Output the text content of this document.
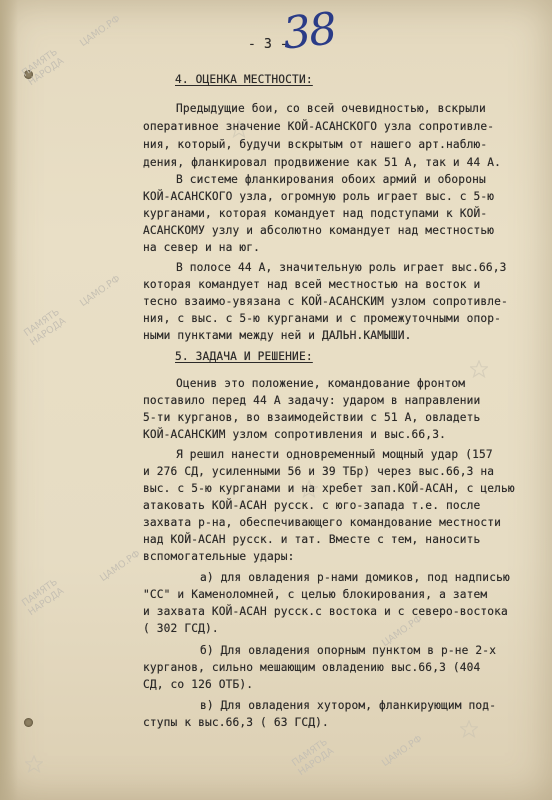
ПАМЯТЬ
НАРОДА
ЦАМО.РФ
ПАМЯТЬ
НАРОДА
ЦАМО.РФ
ПАМЯТЬ
НАРОДА
ЦАМО.РФ
ПАМЯТЬ
НАРОДА
ЦАМО.РФ
ЦАМО.РФ
- 3 -
38
4. ОЦЕНКА МЕСТНОСТИ:
Предыдущие бои, со всей очевидностью, вскрыли
оперативное значение КОЙ-АСАНСКОГО узла сопротивле-
ния, который, будучи вскрытым от нашего арт.наблю-
дения, фланкировал продвижение как 51 А, так и 44 А.
В системе фланкирования обоих армий и обороны
КОЙ-АСАНСКОГО узла, огромную роль играет выс. с 5-ю
курганами, которая командует над подступами к КОЙ-
АСАНСКОМУ узлу и абсолютно командует над местностью
на север и на юг.
В полосе 44 А, значительную роль играет выс.66,3
которая командует над всей местностью на восток и
тесно взаимо-увязана с КОЙ-АСАНСКИМ узлом сопротивле-
ния, с выс. с 5-ю курганами и с промежуточными опор-
ными пунктами между ней и ДАЛЬН.КАМЫШИ.
5. ЗАДАЧА И РЕШЕНИЕ:
Оценив это положение, командование фронтом
поставило перед 44 А задачу: ударом в направлении
5-ти курганов, во взаимодействии с 51 А, овладеть
КОЙ-АСАНСКИМ узлом сопротивления и выс.66,3.
Я решил нанести одновременный мощный удар (157
и 276 СД, усиленными 56 и 39 ТБр) через выс.66,3 на
выс. с 5-ю курганами и на хребет зап.КОЙ-АСАН, с целью
атаковать КОЙ-АСАН русск. с юго-запада т.е. после
захвата р-на, обеспечивающего командование местности
над КОЙ-АСАН русск. и тат. Вместе с тем, наносить
вспомогательные удары:
а) для овладения р-нами домиков, под надписью
"СС" и Каменоломней, с целью блокирования, а затем
и захвата КОЙ-АСАН русск.с востока и с северо-востока
( 302 ГСД).
б) Для овладения опорным пунктом в р-не 2-х
курганов, сильно мешающим овладению выс.66,3 (404
СД, со 126 ОТБ).
в) Для овладения хутором, фланкирующим под-
ступы к выс.66,3 ( 63 ГСД).
